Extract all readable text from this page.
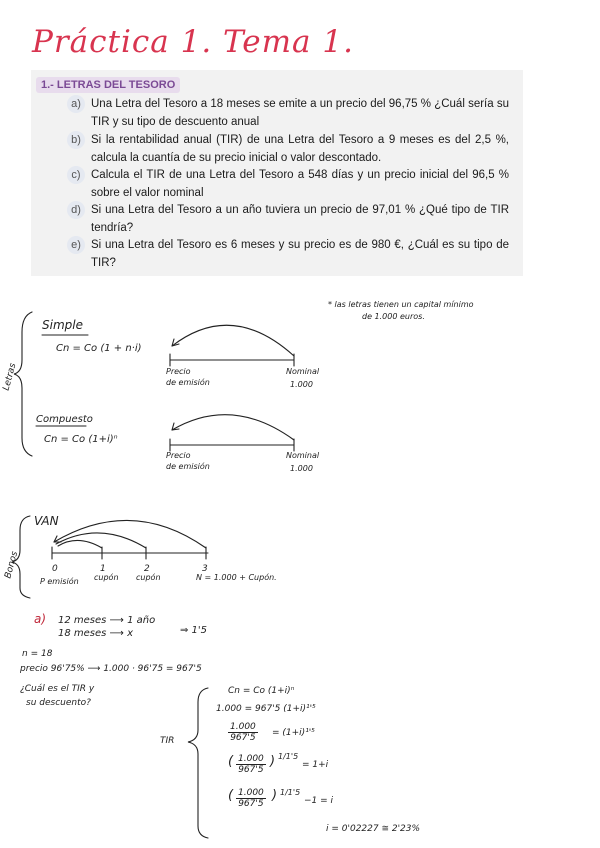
Práctica 1. Tema 1.
1.- LETRAS DEL TESORO
a) Una Letra del Tesoro a 18 meses se emite a un precio del 96,75 % ¿Cuál sería su TIR y su tipo de descuento anual
b) Si la rentabilidad anual (TIR) de una Letra del Tesoro a 9 meses es del 2,5 %, calcula la cuantía de su precio inicial o valor descontado.
c) Calcula el TIR de una Letra del Tesoro a 548 días y un precio inicial del 96,5 % sobre el valor nominal
d) Si una Letra del Tesoro a un año tuviera un precio de 97,01 % ¿Qué tipo de TIR tendría?
e) Si una Letra del Tesoro es 6 meses y su precio es de 980 €, ¿Cuál es su tipo de TIR?
* las letras tienen un capital mínimo
de 1.000 euros.
Letras
Simple
Cn = Co (1 + n·i)
Precio
de emisión
Nominal
1.000
Compuesto
Cn = Co (1+i)ⁿ
Precio
de emisión
Nominal
1.000
Bonos
VAN
0	1	2	3
P emisión cupón cupón	N = 1.000 + Cupón.
a) 12 meses ⟶ 1 año
18 meses ⟶ x	⇒ 1'5
n = 18
precio 96'75% ⟶ 1.000 · 96'75 = 967'5
¿Cuál es el TIR y
su descuento?
TIR
Cn = Co (1+i)ⁿ
1.000 = 967'5 (1+i)¹'⁵
$\frac{1.000}{967'5} = (1+i)^1'^5$
( $\frac{1.000}{967'5}$ ) 1/1'5
= 1+i
( $\frac{1.000}{967'5}$ ) 1/1'5
−1 = i
i = 0'02227 ≅ 2'23%
